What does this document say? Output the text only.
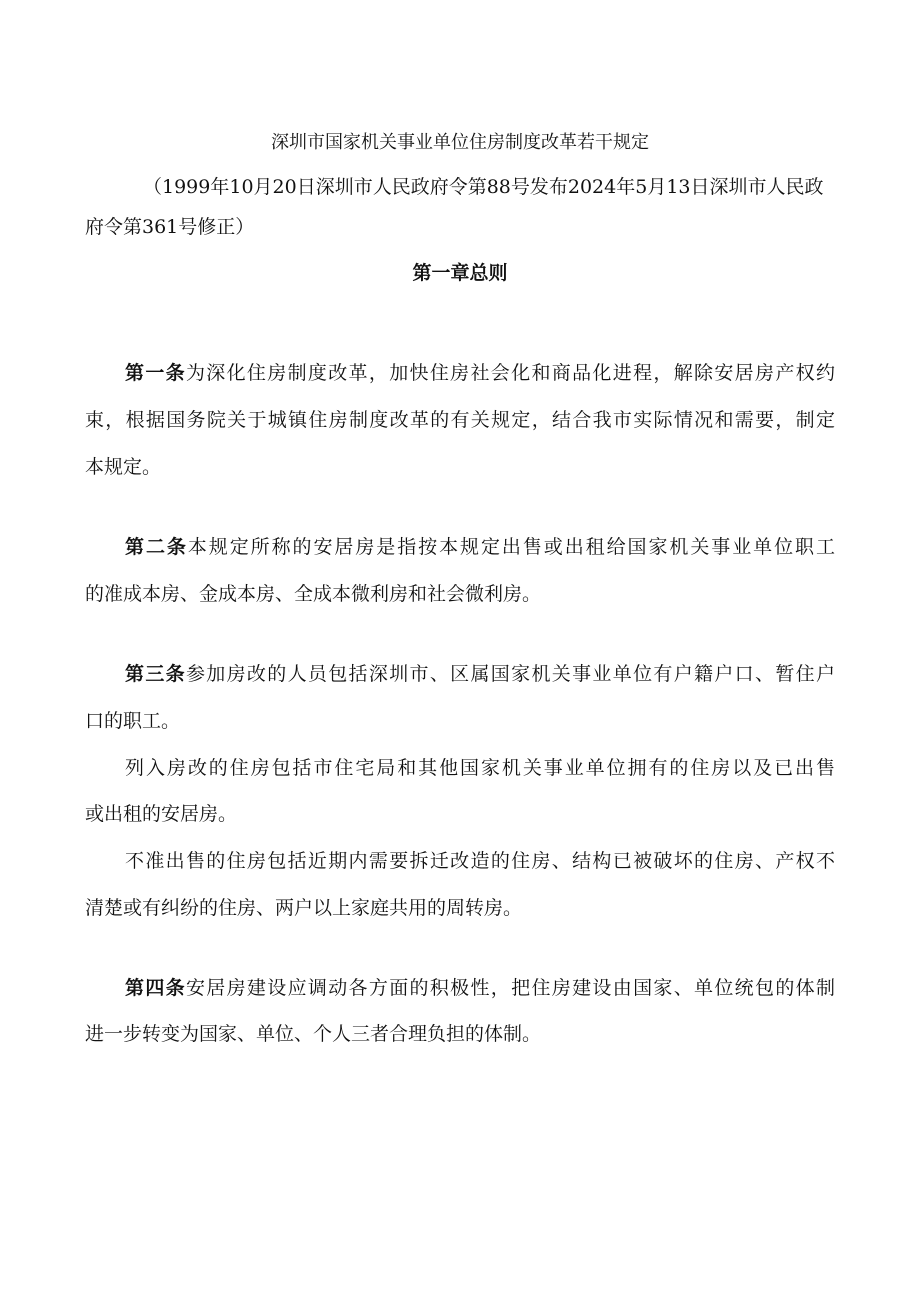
深圳市国家机关事业单位住房制度改革若干规定
（1999年10月20日深圳市人民政府令第88号发布2024年5月13日深圳市人民政
府令第361号修正）
第一章总则
第一条为深化住房制度改革，加快住房社会化和商品化进程，解除安居房产权约
束，根据国务院关于城镇住房制度改革的有关规定，结合我市实际情况和需要，制定
本规定。
第二条本规定所称的安居房是指按本规定出售或出租给国家机关事业单位职工
的准成本房、金成本房、全成本微利房和社会微利房。
第三条参加房改的人员包括深圳市、区属国家机关事业单位有户籍户口、暂住户
口的职工。
列入房改的住房包括市住宅局和其他国家机关事业单位拥有的住房以及已出售
或出租的安居房。
不准出售的住房包括近期内需要拆迁改造的住房、结构已被破坏的住房、产权不
清楚或有纠纷的住房、两户以上家庭共用的周转房。
第四条安居房建设应调动各方面的积极性，把住房建设由国家、单位统包的体制
进一步转变为国家、单位、个人三者合理负担的体制。
